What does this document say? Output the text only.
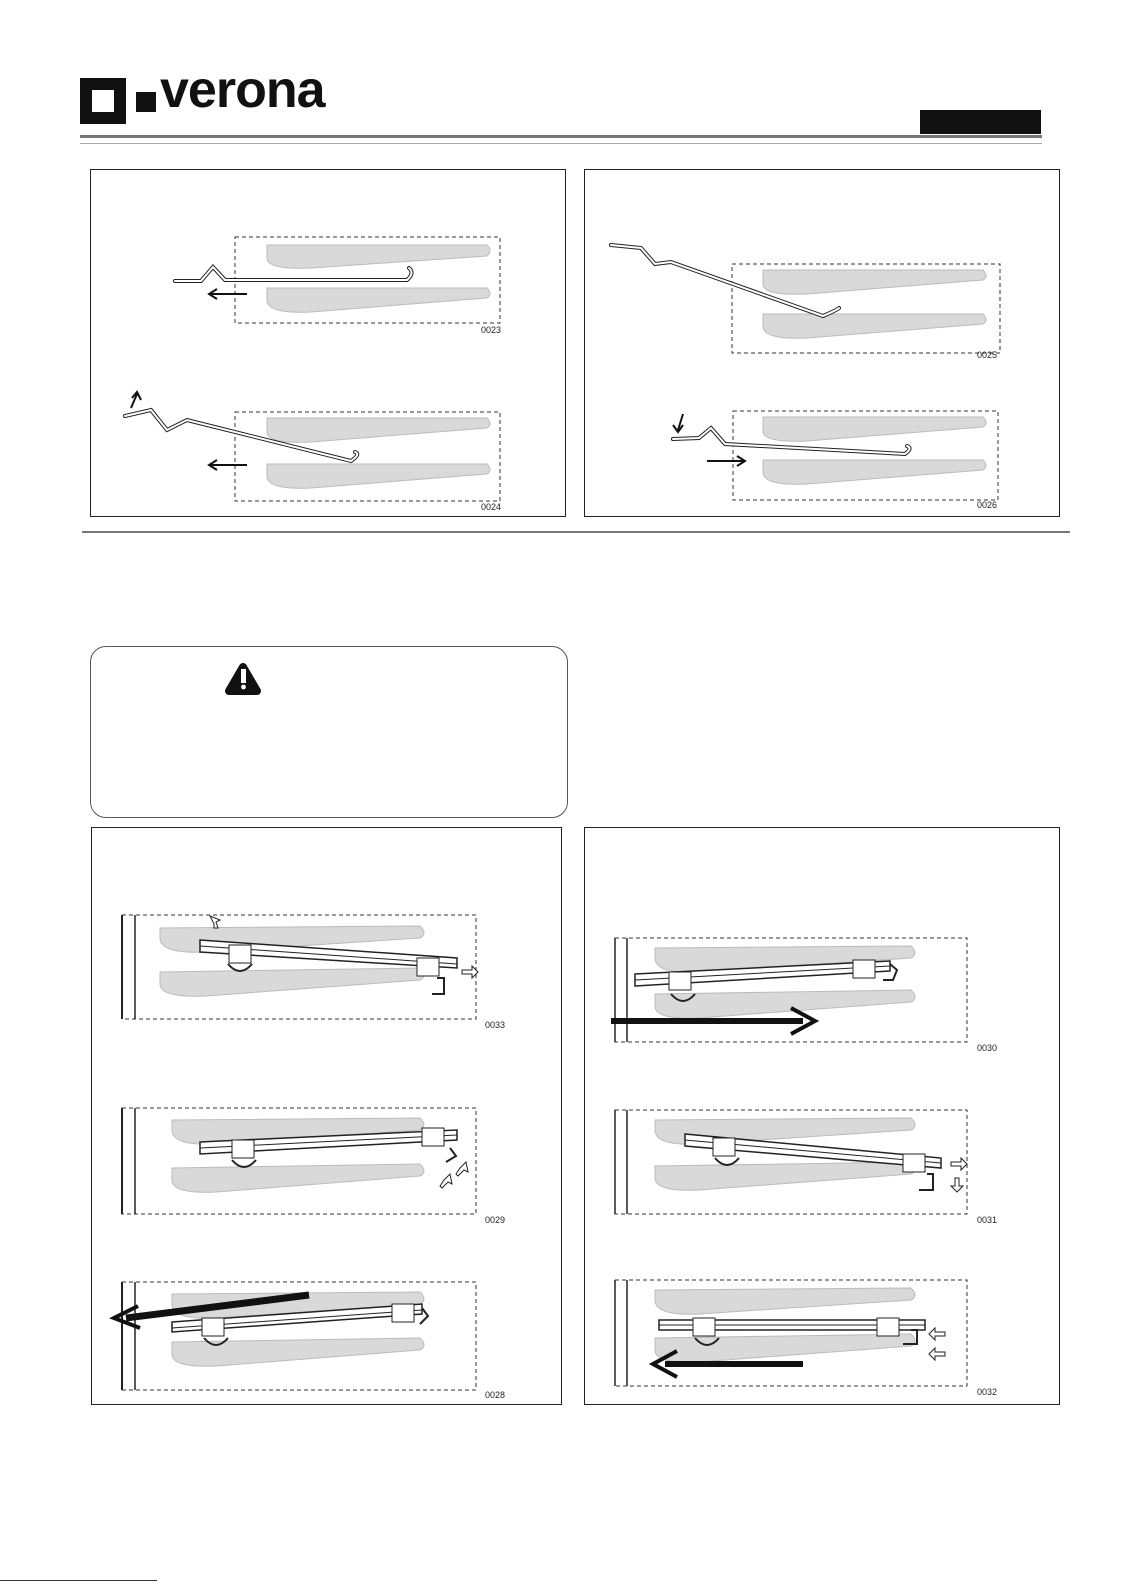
verona
0023
0024
0025
0026
0033
0029
0028
0030
0031
0032
